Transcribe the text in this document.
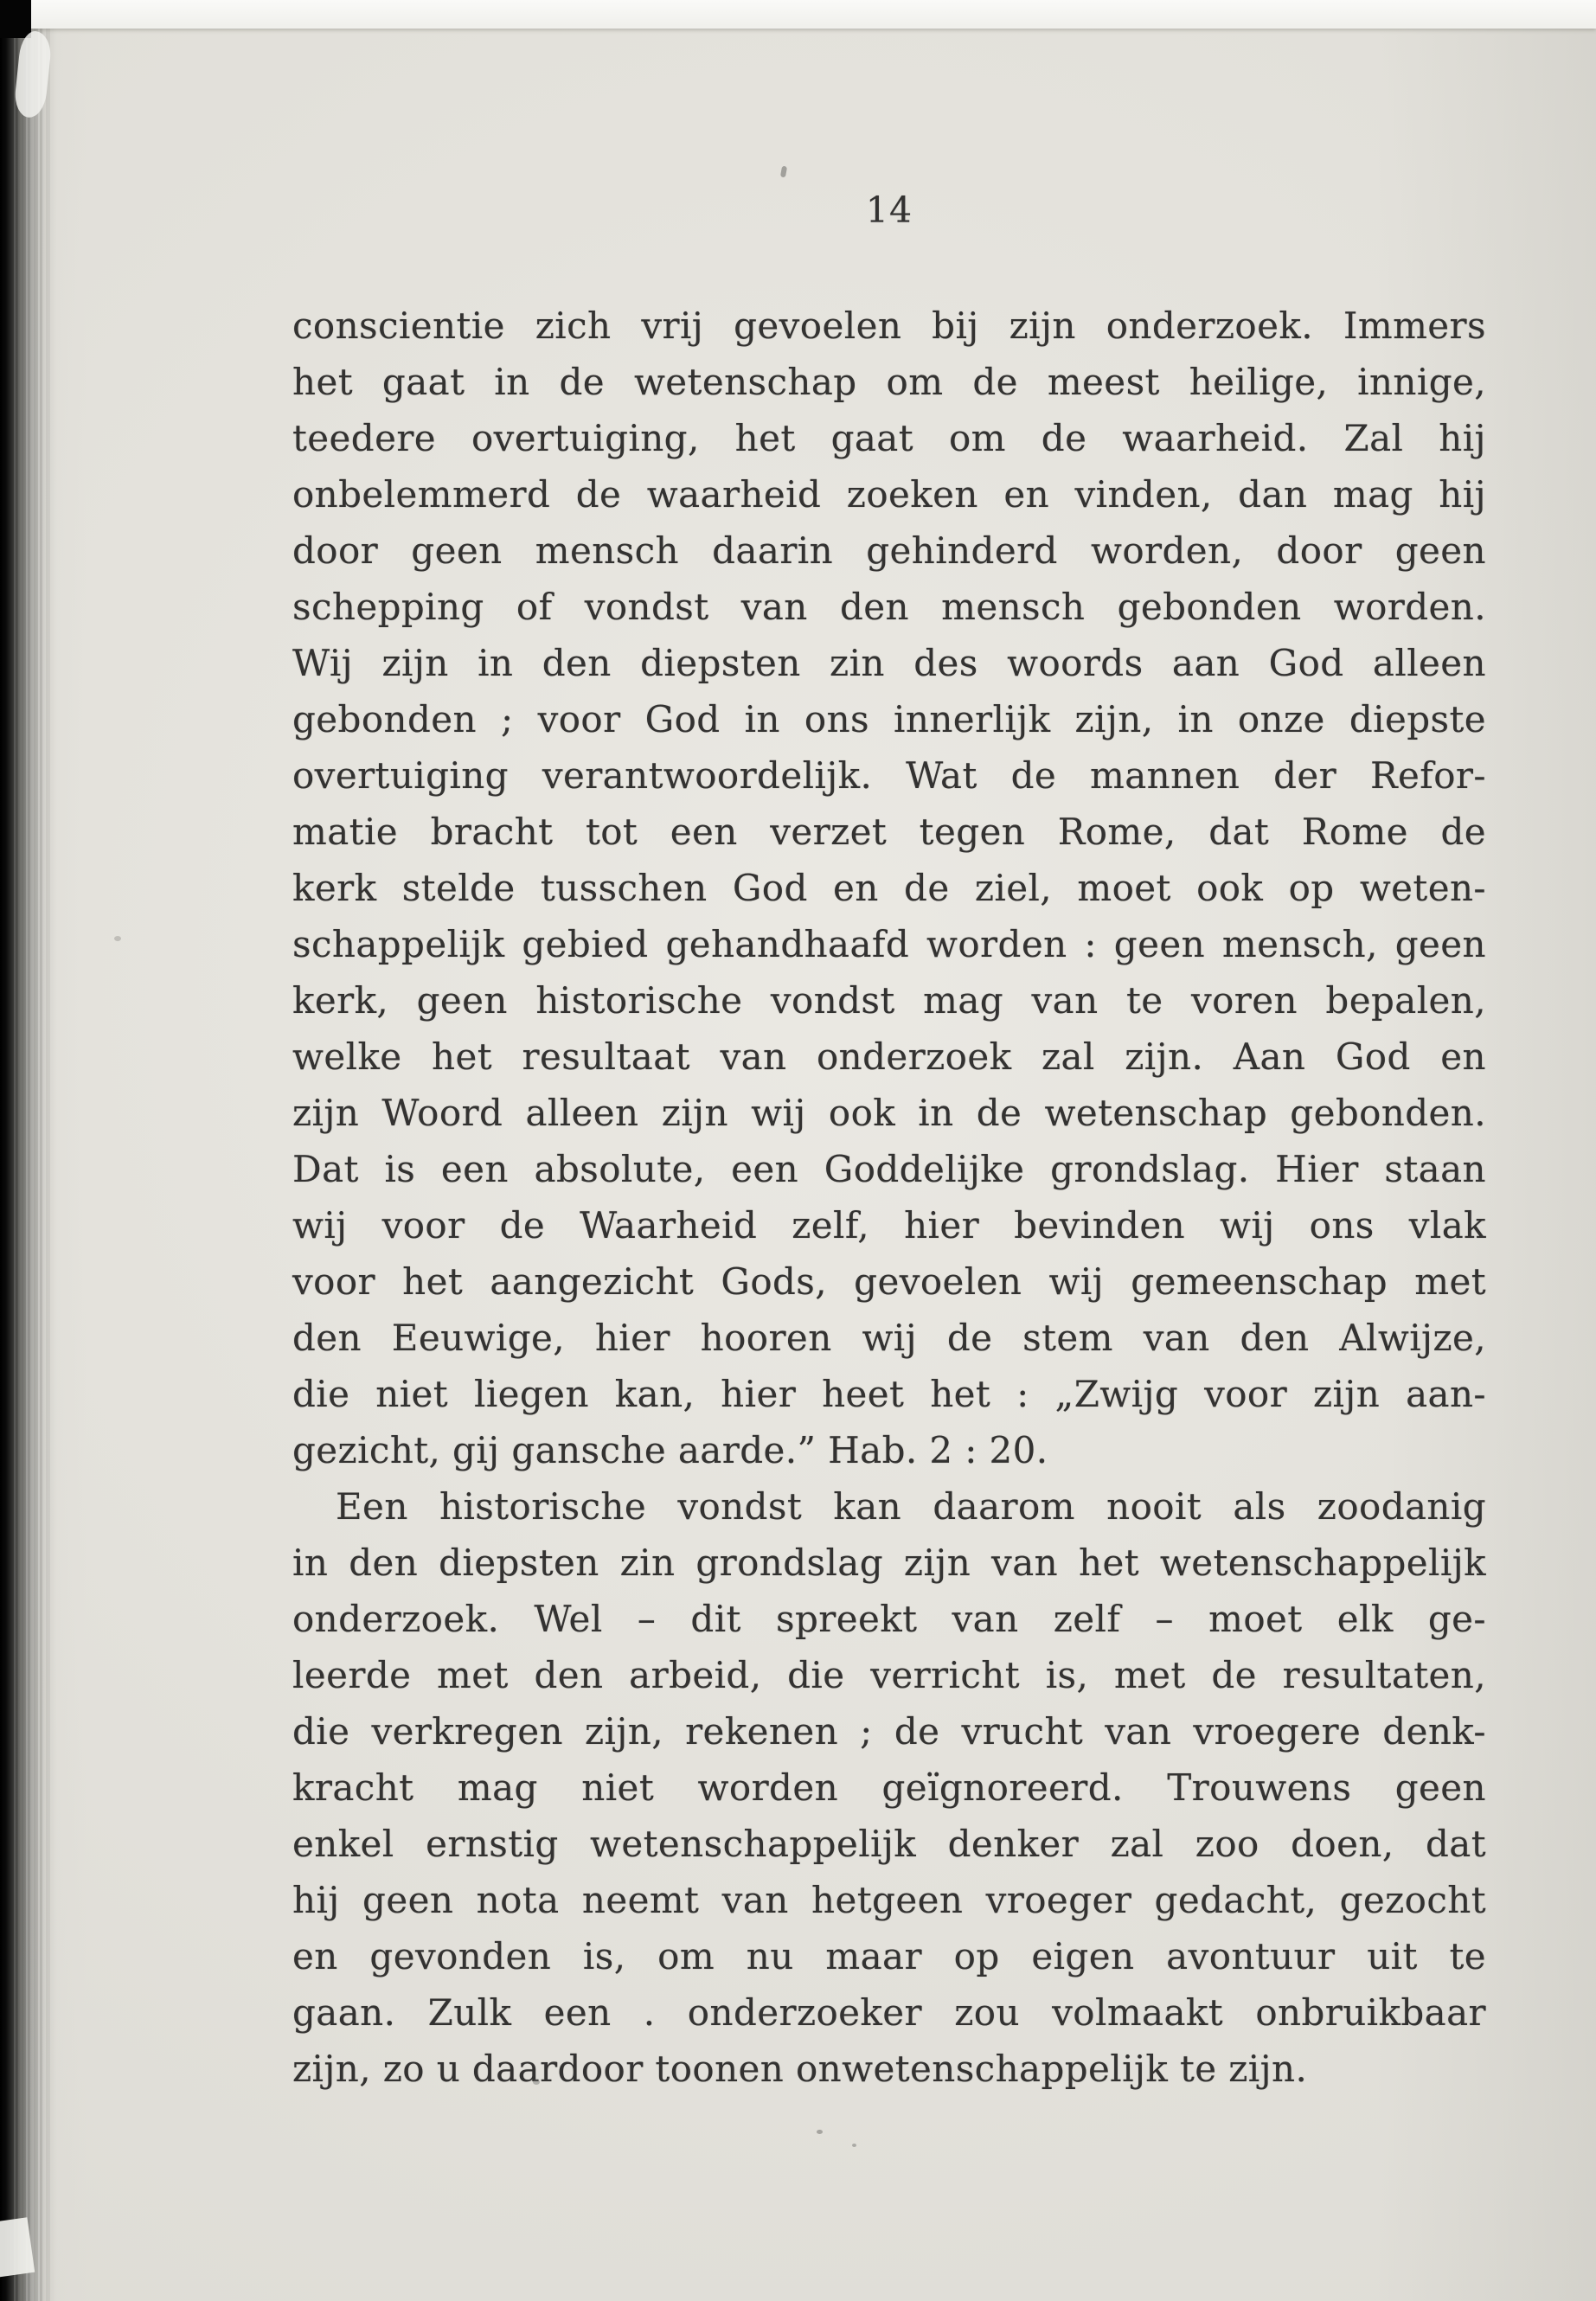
14
conscientie zich vrij gevoelen bij zijn onderzoek. Immers
het gaat in de wetenschap om de meest heilige, innige,
teedere overtuiging, het gaat om de waarheid. Zal hij
onbelemmerd de waarheid zoeken en vinden, dan mag hij
door geen mensch daarin gehinderd worden, door geen
schepping of vondst van den mensch gebonden worden.
Wij zijn in den diepsten zin des woords aan God alleen
gebonden ; voor God in ons innerlijk zijn, in onze diepste
overtuiging verantwoordelijk. Wat de mannen der Refor-
matie bracht tot een verzet tegen Rome, dat Rome de
kerk stelde tusschen God en de ziel, moet ook op weten-
schappelijk gebied gehandhaafd worden : geen mensch, geen
kerk, geen historische vondst mag van te voren bepalen,
welke het resultaat van onderzoek zal zijn. Aan God en
zijn Woord alleen zijn wij ook in de wetenschap gebonden.
Dat is een absolute, een Goddelijke grondslag. Hier staan
wij voor de Waarheid zelf, hier bevinden wij ons vlak
voor het aangezicht Gods, gevoelen wij gemeenschap met
den Eeuwige, hier hooren wij de stem van den Alwijze,
die niet liegen kan, hier heet het : „Zwijg voor zijn aan-
gezicht, gij gansche aarde.” Hab. 2 : 20.
Een historische vondst kan daarom nooit als zoodanig
in den diepsten zin grondslag zijn van het wetenschappelijk
onderzoek. Wel – dit spreekt van zelf – moet elk ge-
leerde met den arbeid, die verricht is, met de resultaten,
die verkregen zijn, rekenen ; de vrucht van vroegere denk-
kracht mag niet worden geïgnoreerd. Trouwens geen
enkel ernstig wetenschappelijk denker zal zoo doen, dat
hij geen nota neemt van hetgeen vroeger gedacht, gezocht
en gevonden is, om nu maar op eigen avontuur uit te
gaan. Zulk een . onderzoeker zou volmaakt onbruikbaar
zijn, zo u daardoor toonen onwetenschappelijk te zijn.
